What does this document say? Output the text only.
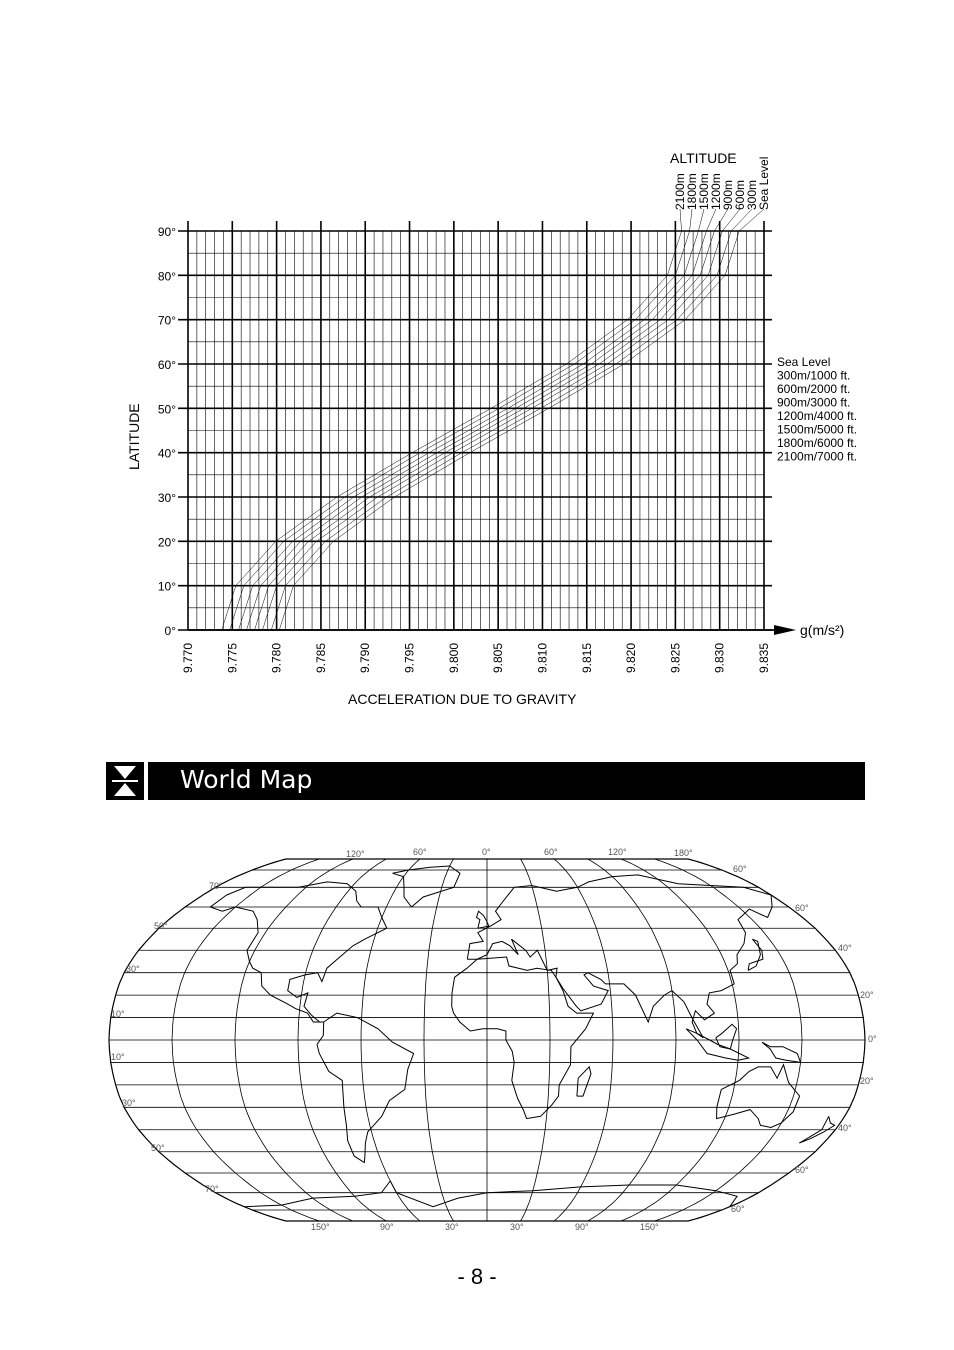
0°
10°
20°
30°
40°
50°
60°
70°
80°
90°
9.770	9.775	9.780	9.785	9.790	9.795	9.800	9.805	9.810	9.815	9.820	9.825	9.830	9.835
Sea Level
300m
600m
900m
1200m
1500m
1800m
2100m
Sea Level
300m/1000 ft.
600m/2000 ft.
900m/3000 ft.
1200m/4000 ft.
1500m/5000 ft.
1800m/6000 ft.
2100m/7000 ft.
ALTITUDE
LATITUDE
ACCELERATION DUE TO GRAVITY
g(m/s²)
World Map
120°	60°	0°	60°	120°	180°
60°
150°	90°	30°	30°	90°	150°
60°
70°
50°
30°
10°
10°
30°
50°
70°
60°
40°
20°
0°
20°
40°
60°
- 8 -
